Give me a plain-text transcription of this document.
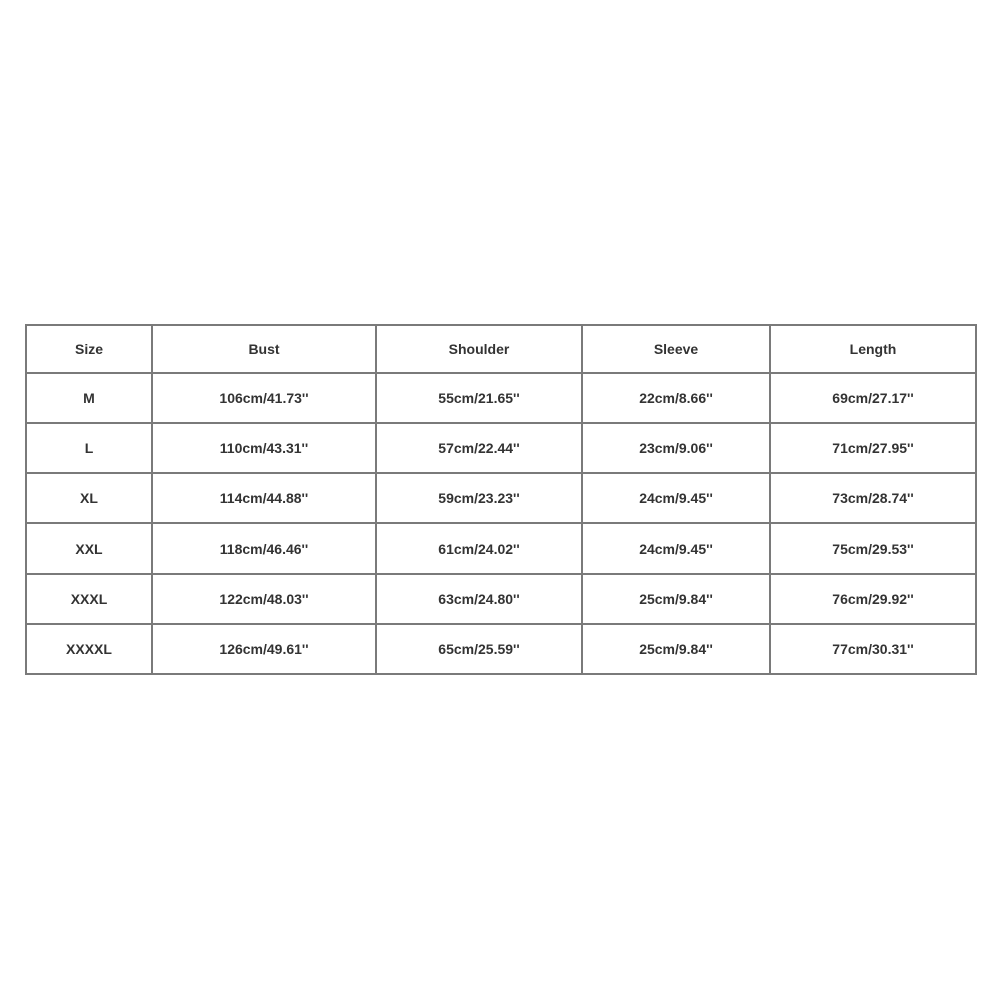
Size	Bust	Shoulder	Sleeve	Length
M	106cm/41.73''	55cm/21.65''	22cm/8.66''	69cm/27.17''
L	110cm/43.31''	57cm/22.44''	23cm/9.06''	71cm/27.95''
XL	114cm/44.88''	59cm/23.23''	24cm/9.45''	73cm/28.74''
XXL	118cm/46.46''	61cm/24.02''	24cm/9.45''	75cm/29.53''
XXXL	122cm/48.03''	63cm/24.80''	25cm/9.84''	76cm/29.92''
XXXXL	126cm/49.61''	65cm/25.59''	25cm/9.84''	77cm/30.31''
